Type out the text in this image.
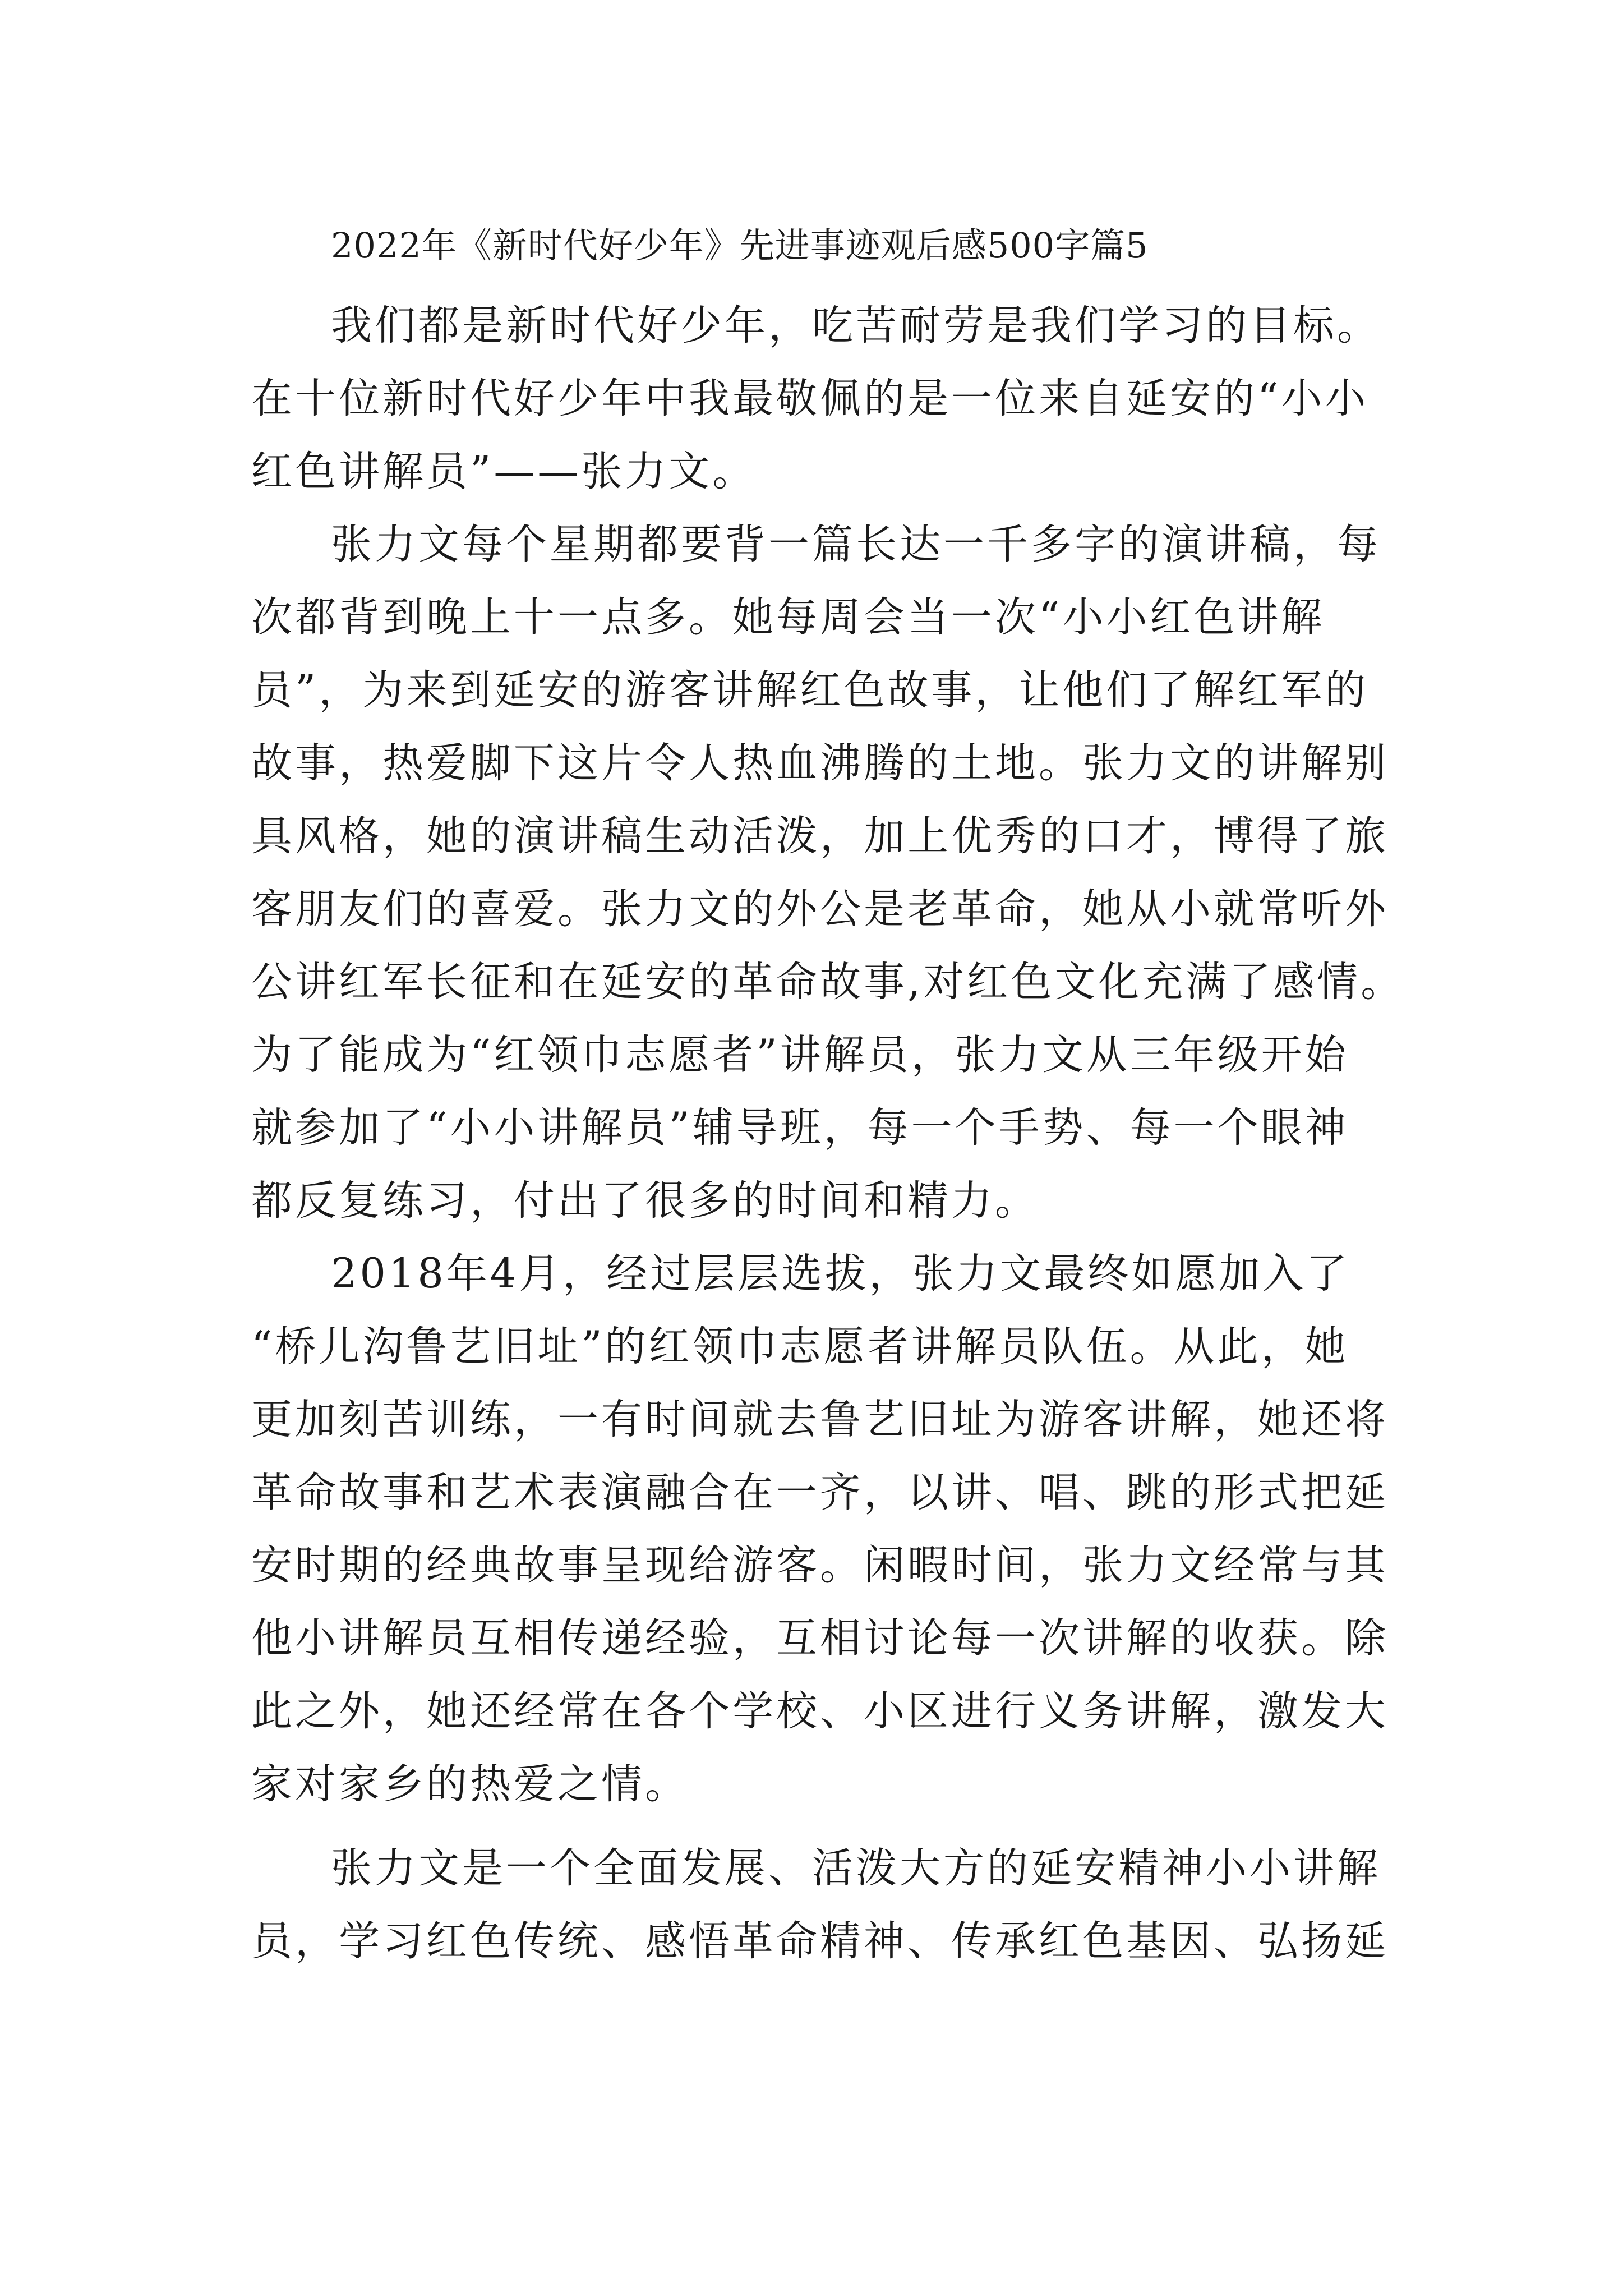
2022年《新时代好少年》先进事迹观后感500字篇5
我们都是新时代好少年，吃苦耐劳是我们学习的目标。
在十位新时代好少年中我最敬佩的是一位来自延安的“小小
红色讲解员”——张力文。
张力文每个星期都要背一篇长达一千多字的演讲稿，每
次都背到晚上十一点多。她每周会当一次“小小红色讲解
员”，为来到延安的游客讲解红色故事，让他们了解红军的
故事，热爱脚下这片令人热血沸腾的土地。张力文的讲解别
具风格，她的演讲稿生动活泼，加上优秀的口才，博得了旅
客朋友们的喜爱。张力文的外公是老革命，她从小就常听外
公讲红军长征和在延安的革命故事,对红色文化充满了感情。
为了能成为“红领巾志愿者”讲解员，张力文从三年级开始
就参加了“小小讲解员”辅导班，每一个手势、每一个眼神
都反复练习，付出了很多的时间和精力。
2018年4月，经过层层选拔，张力文最终如愿加入了
“桥儿沟鲁艺旧址”的红领巾志愿者讲解员队伍。从此，她
更加刻苦训练，一有时间就去鲁艺旧址为游客讲解，她还将
革命故事和艺术表演融合在一齐，以讲、唱、跳的形式把延
安时期的经典故事呈现给游客。闲暇时间，张力文经常与其
他小讲解员互相传递经验，互相讨论每一次讲解的收获。除
此之外，她还经常在各个学校、小区进行义务讲解，激发大
家对家乡的热爱之情。
张力文是一个全面发展、活泼大方的延安精神小小讲解
员，学习红色传统、感悟革命精神、传承红色基因、弘扬延
